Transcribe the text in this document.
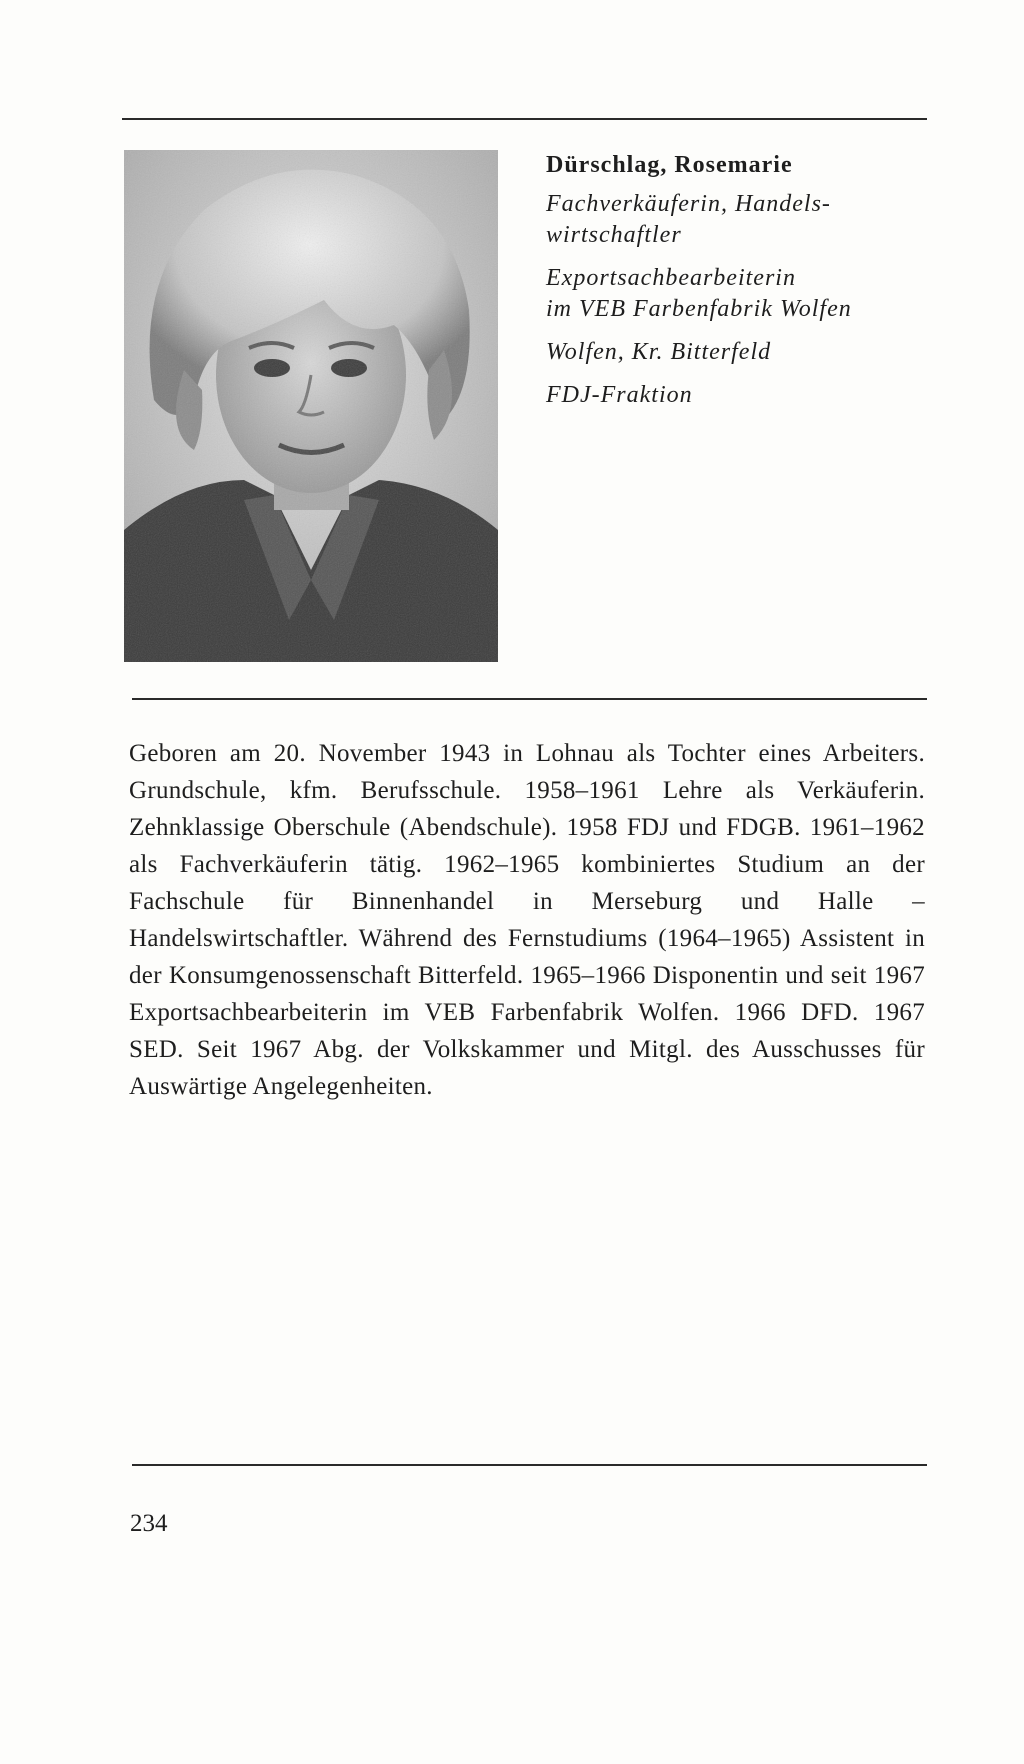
Dürschlag, Rosemarie
Fachverkäuferin, Handels-
wirtschaftler
Exportsachbearbeiterin
im VEB Farbenfabrik Wolfen
Wolfen, Kr. Bitterfeld
FDJ-Fraktion
Geboren am 20. November 1943 in Lohnau als Tochter eines Arbeiters. Grundschule, kfm. Berufsschule. 1958–1961 Lehre als Verkäuferin. Zehnklassige Oberschule (Abendschule). 1958 FDJ und FDGB. 1961–1962 als Fachverkäuferin tätig. 1962–1965 kombiniertes Studium an der Fachschule für Binnenhandel in Merseburg und Halle – Handelswirtschaftler. Während des Fernstudiums (1964–1965) Assistent in der Konsumgenossenschaft Bitterfeld. 1965–1966 Disponentin und seit 1967 Exportsachbearbeiterin im VEB Farbenfabrik Wolfen. 1966 DFD. 1967 SED. Seit 1967 Abg. der Volkskammer und Mitgl. des Ausschusses für Auswärtige Angelegenheiten.
234
